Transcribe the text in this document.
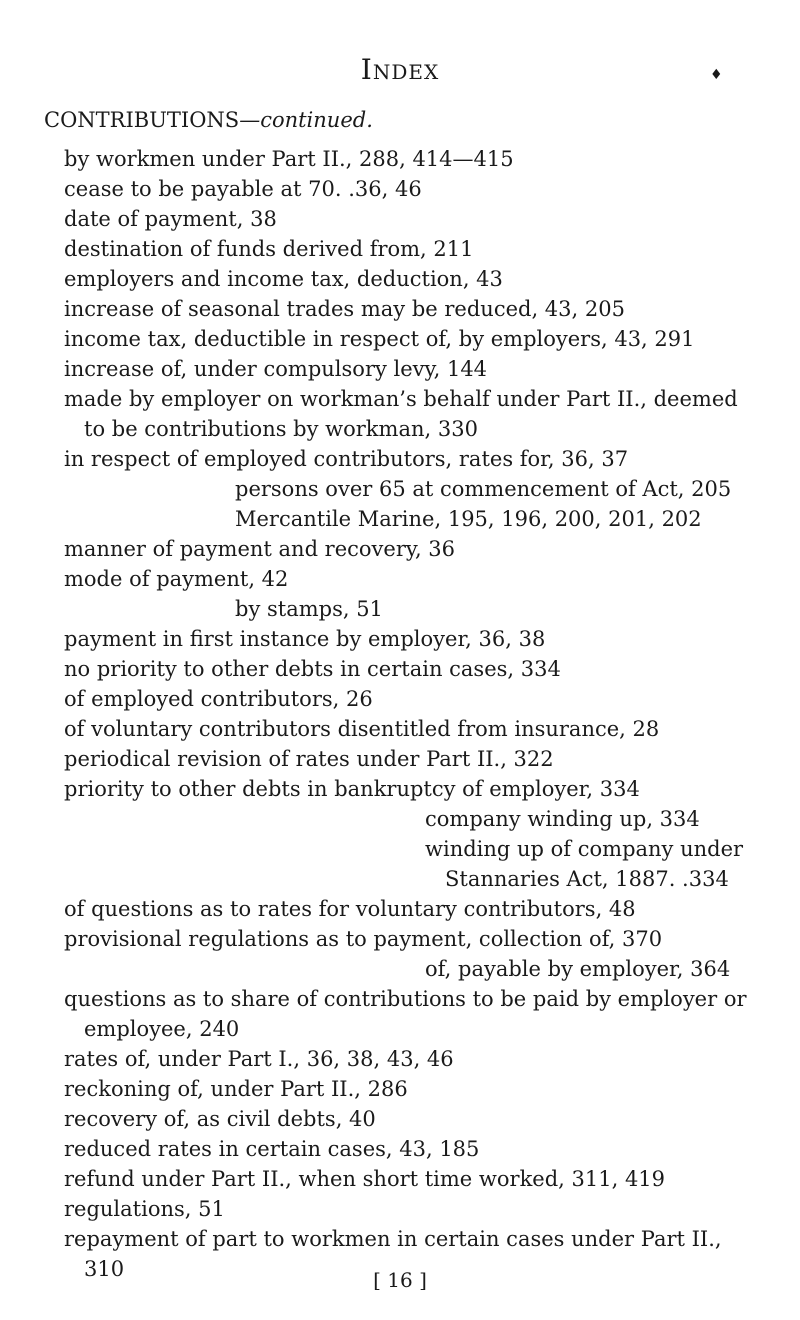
Index	♦
CONTRIBUTIONS—continued.
by workmen under Part II., 288, 414—415
cease to be payable at 70. .36, 46
date of payment, 38
destination of funds derived from, 211
employers and income tax, deduction, 43
increase of seasonal trades may be reduced, 43, 205
income tax, deductible in respect of, by employers, 43, 291
increase of, under compulsory levy, 144
made by employer on workman’s behalf under Part II., deemed to be contributions by workman, 330
in respect of employed contributors, rates for, 36, 37
persons over 65 at commencement of Act, 205
Mercantile Marine, 195, 196, 200, 201, 202
manner of payment and recovery, 36
mode of payment, 42
by stamps, 51
payment in first instance by employer, 36, 38
no priority to other debts in certain cases, 334
of employed contributors, 26
of voluntary contributors disentitled from insurance, 28
periodical revision of rates under Part II., 322
priority to other debts in bankruptcy of employer, 334
company winding up, 334
winding up of company under Stannaries Act, 1887. .334
of questions as to rates for voluntary contributors, 48
provisional regulations as to payment, collection of, 370
of, payable by employer, 364
questions as to share of contributions to be paid by employer or employee, 240
rates of, under Part I., 36, 38, 43, 46
reckoning of, under Part II., 286
recovery of, as civil debts, 40
reduced rates in certain cases, 43, 185
refund under Part II., when short time worked, 311, 419
regulations, 51
repayment of part to workmen in certain cases under Part II., 310	[ 16 ]
